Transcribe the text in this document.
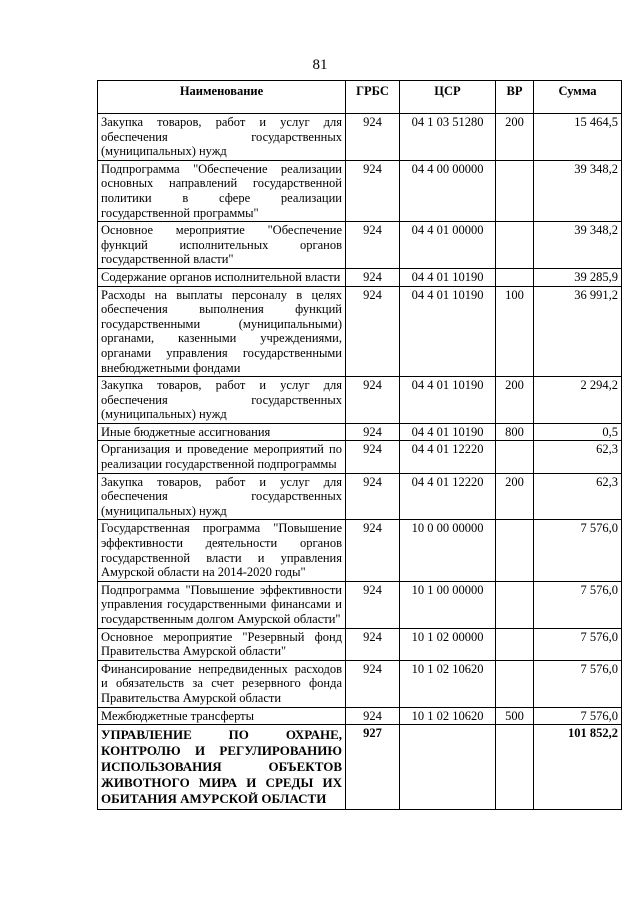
81
Наименование	ГРБС	ЦСР	ВР	Сумма
Закупка товаров, работ и услуг для обеспечения государственных (муниципальных) нужд	924	04 1 03 51280	200	15 464,5
Подпрограмма "Обеспечение реализации основных направлений государственной политики в сфере реализации государственной программы"	924	04 4 00 00000		39 348,2
Основное мероприятие "Обеспечение функций исполнительных органов государственной власти"	924	04 4 01 00000		39 348,2
Содержание органов исполнительной власти	924	04 4 01 10190		39 285,9
Расходы на выплаты персоналу в целях обеспечения выполнения функций государственными (муниципальными) органами, казенными учреждениями, органами управления государственными внебюджетными фондами	924	04 4 01 10190	100	36 991,2
Закупка товаров, работ и услуг для обеспечения государственных (муниципальных) нужд	924	04 4 01 10190	200	2 294,2
Иные бюджетные ассигнования	924	04 4 01 10190	800	0,5
Организация и проведение мероприятий по реализации государственной подпрограммы	924	04 4 01 12220		62,3
Закупка товаров, работ и услуг для обеспечения государственных (муниципальных) нужд	924	04 4 01 12220	200	62,3
Государственная программа "Повышение эффективности деятельности органов государственной власти и управления Амурской области на 2014-2020 годы"	924	10 0 00 00000		7 576,0
Подпрограмма "Повышение эффективности управления государственными финансами и государственным долгом Амурской области"	924	10 1 00 00000		7 576,0
Основное мероприятие "Резервный фонд Правительства Амурской области"	924	10 1 02 00000		7 576,0
Финансирование непредвиденных расходов и обязательств за счет резервного фонда Правительства Амурской области	924	10 1 02 10620		7 576,0
Межбюджетные трансферты	924	10 1 02 10620	500	7 576,0
УПРАВЛЕНИЕ ПО ОХРАНЕ, КОНТРОЛЮ И РЕГУЛИРОВАНИЮ ИСПОЛЬЗОВАНИЯ ОБЪЕКТОВ ЖИВОТНОГО МИРА И СРЕДЫ ИХ ОБИТАНИЯ АМУРСКОЙ ОБЛАСТИ	927			101 852,2
